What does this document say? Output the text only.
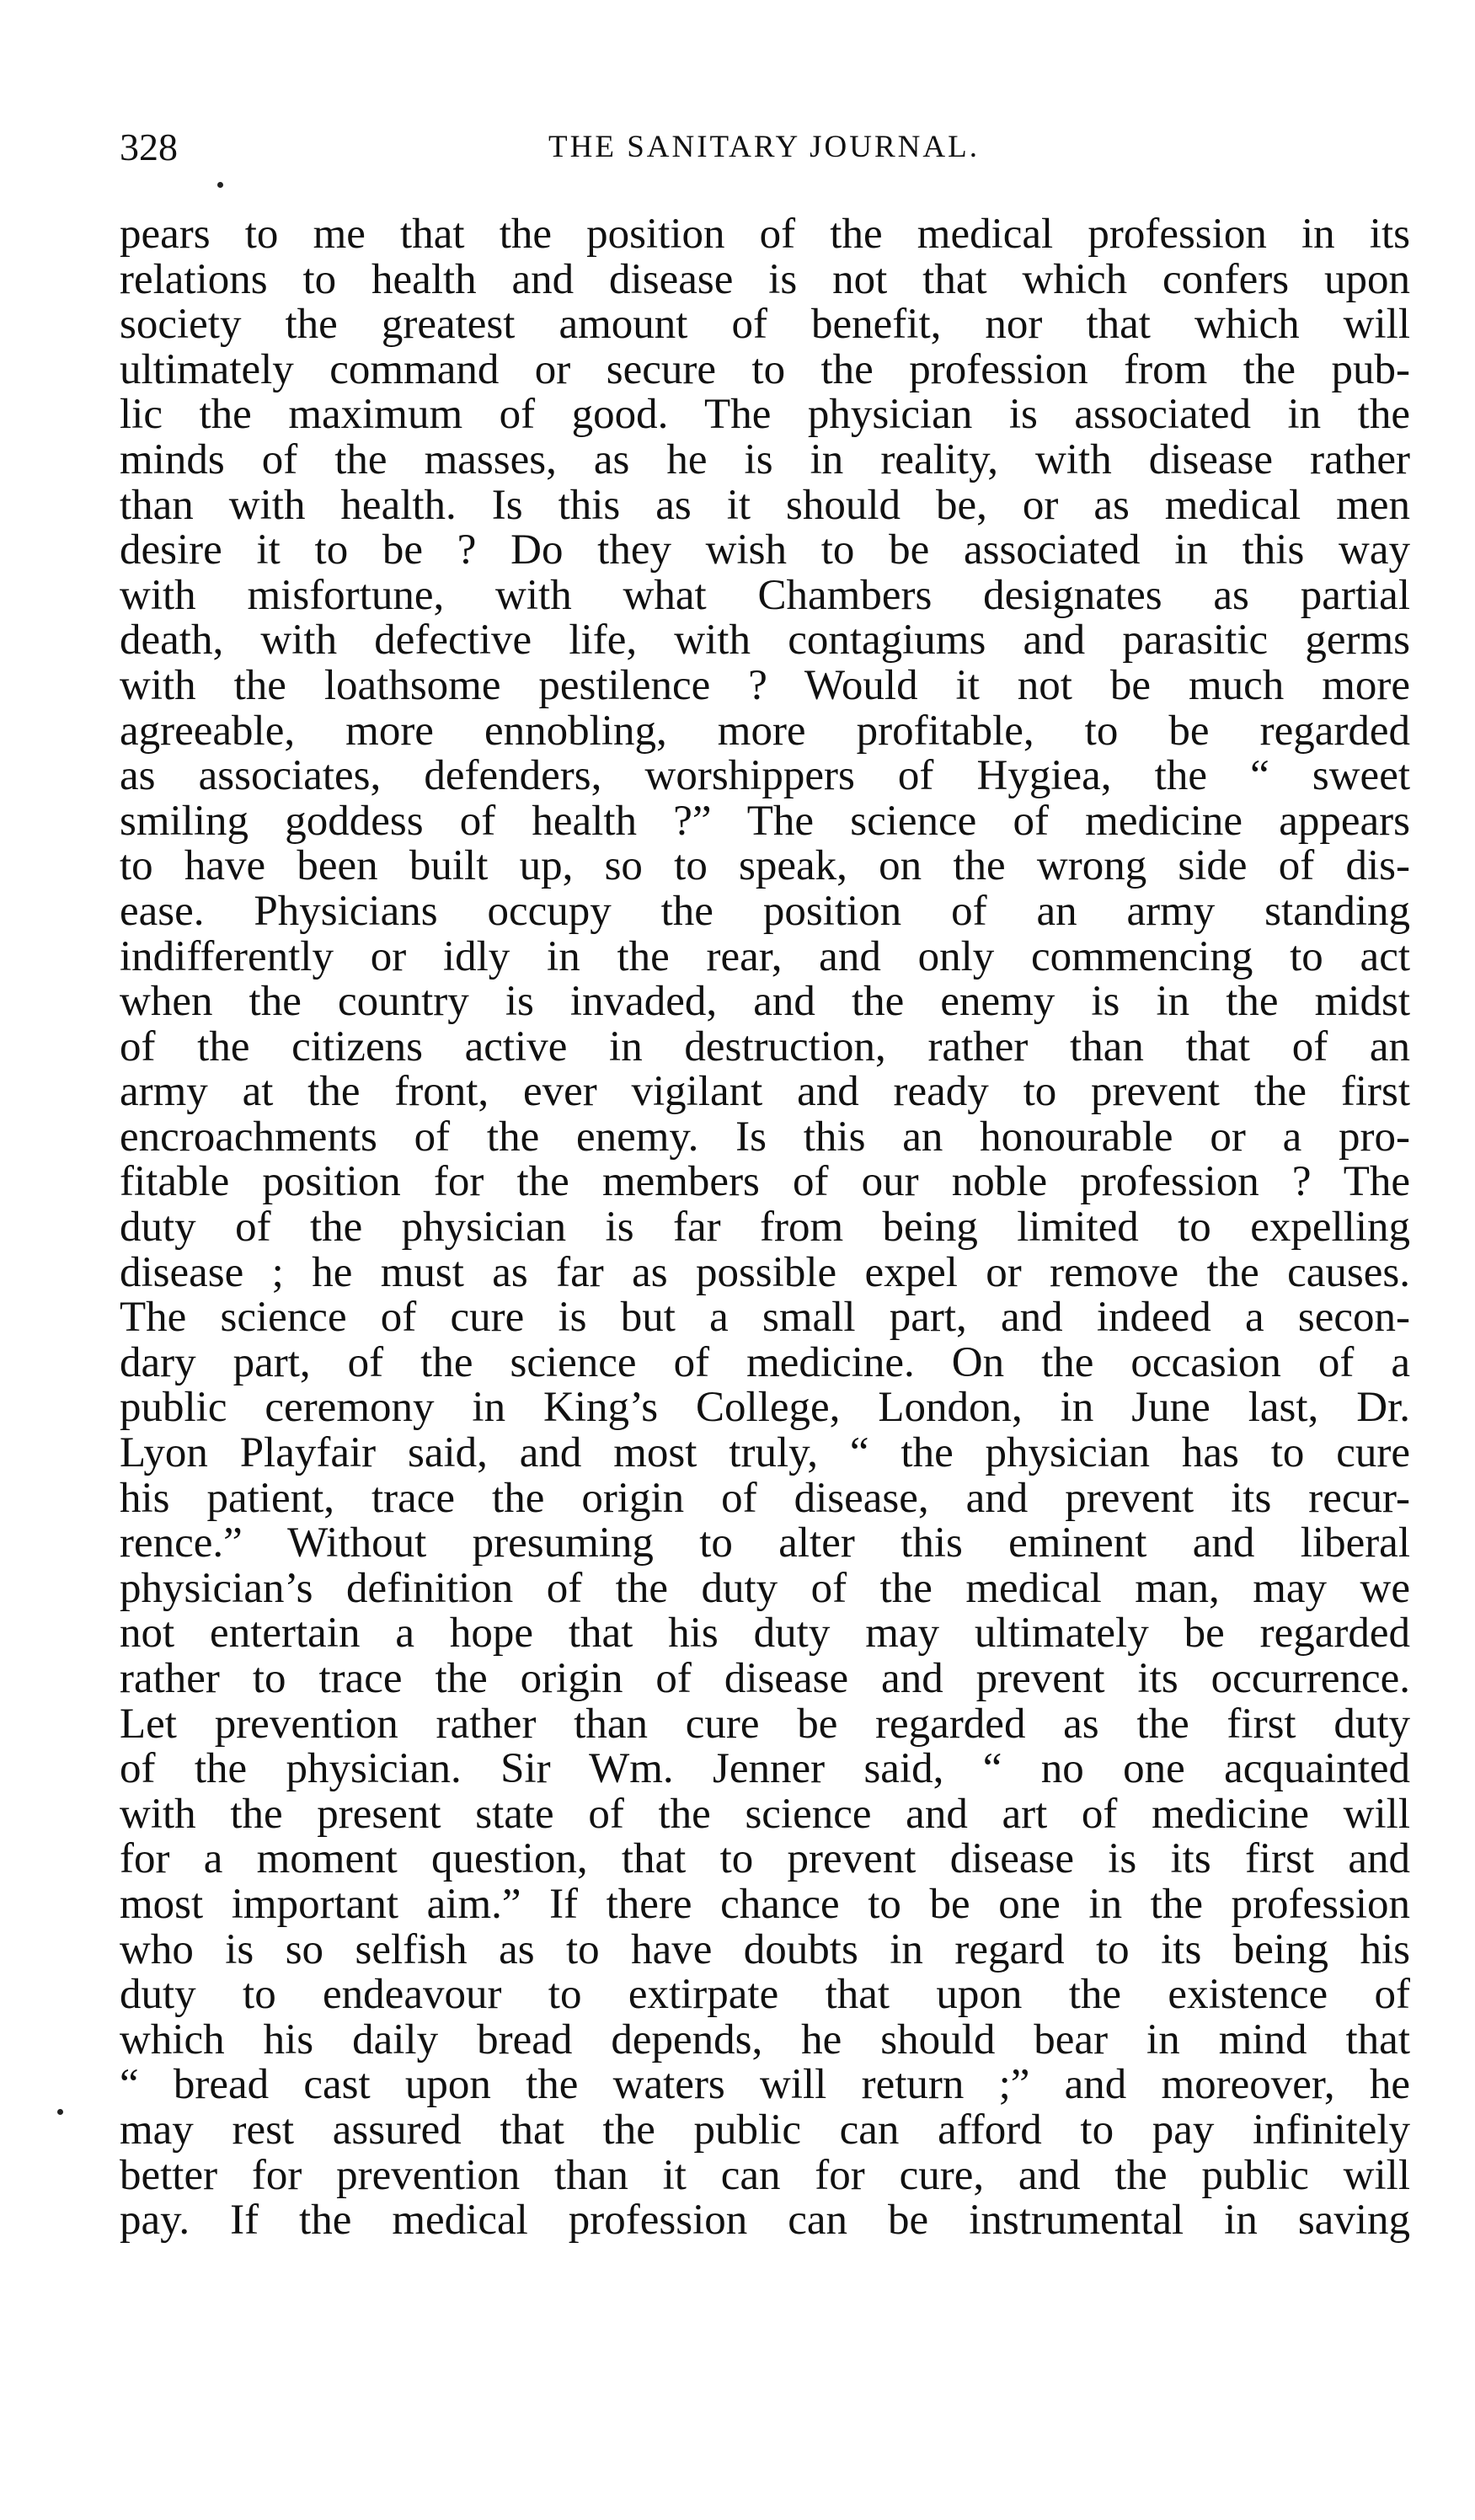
328	THE SANITARY JOURNAL.
pears to me that the position of the medical profession in its
relations to health and disease is not that which confers upon
society the greatest amount of benefit, nor that which will
ultimately command or secure to the profession from the pub-
lic the maximum of good. The physician is associated in the
minds of the masses, as he is in reality, with disease rather
than with health. Is this as it should be, or as medical men
desire it to be ? Do they wish to be associated in this way
with misfortune, with what Chambers designates as partial
death, with defective life, with contagiums and parasitic germs
with the loathsome pestilence ? Would it not be much more
agreeable, more ennobling, more profitable, to be regarded
as associates, defenders, worshippers of Hygiea, the “ sweet
smiling goddess of health ?” The science of medicine appears
to have been built up, so to speak, on the wrong side of dis-
ease. Physicians occupy the position of an army standing
indifferently or idly in the rear, and only commencing to act
when the country is invaded, and the enemy is in the midst
of the citizens active in destruction, rather than that of an
army at the front, ever vigilant and ready to prevent the first
encroachments of the enemy. Is this an honourable or a pro-
fitable position for the members of our noble profession ? The
duty of the physician is far from being limited to expelling
disease ; he must as far as possible expel or remove the causes.
The science of cure is but a small part, and indeed a secon-
dary part, of the science of medicine. On the occasion of a
public ceremony in King’s College, London, in June last, Dr.
Lyon Playfair said, and most truly, “ the physician has to cure
his patient, trace the origin of disease, and prevent its recur-
rence.” Without presuming to alter this eminent and liberal
physician’s definition of the duty of the medical man, may we
not entertain a hope that his duty may ultimately be regarded
rather to trace the origin of disease and prevent its occurrence.
Let prevention rather than cure be regarded as the first duty
of the physician. Sir Wm. Jenner said, “ no one acquainted
with the present state of the science and art of medicine will
for a moment question, that to prevent disease is its first and
most important aim.” If there chance to be one in the profession
who is so selfish as to have doubts in regard to its being his
duty to endeavour to extirpate that upon the existence of
which his daily bread depends, he should bear in mind that
“ bread cast upon the waters will return ;” and moreover, he
may rest assured that the public can afford to pay infinitely
better for prevention than it can for cure, and the public will
pay. If the medical profession can be instrumental in saving
